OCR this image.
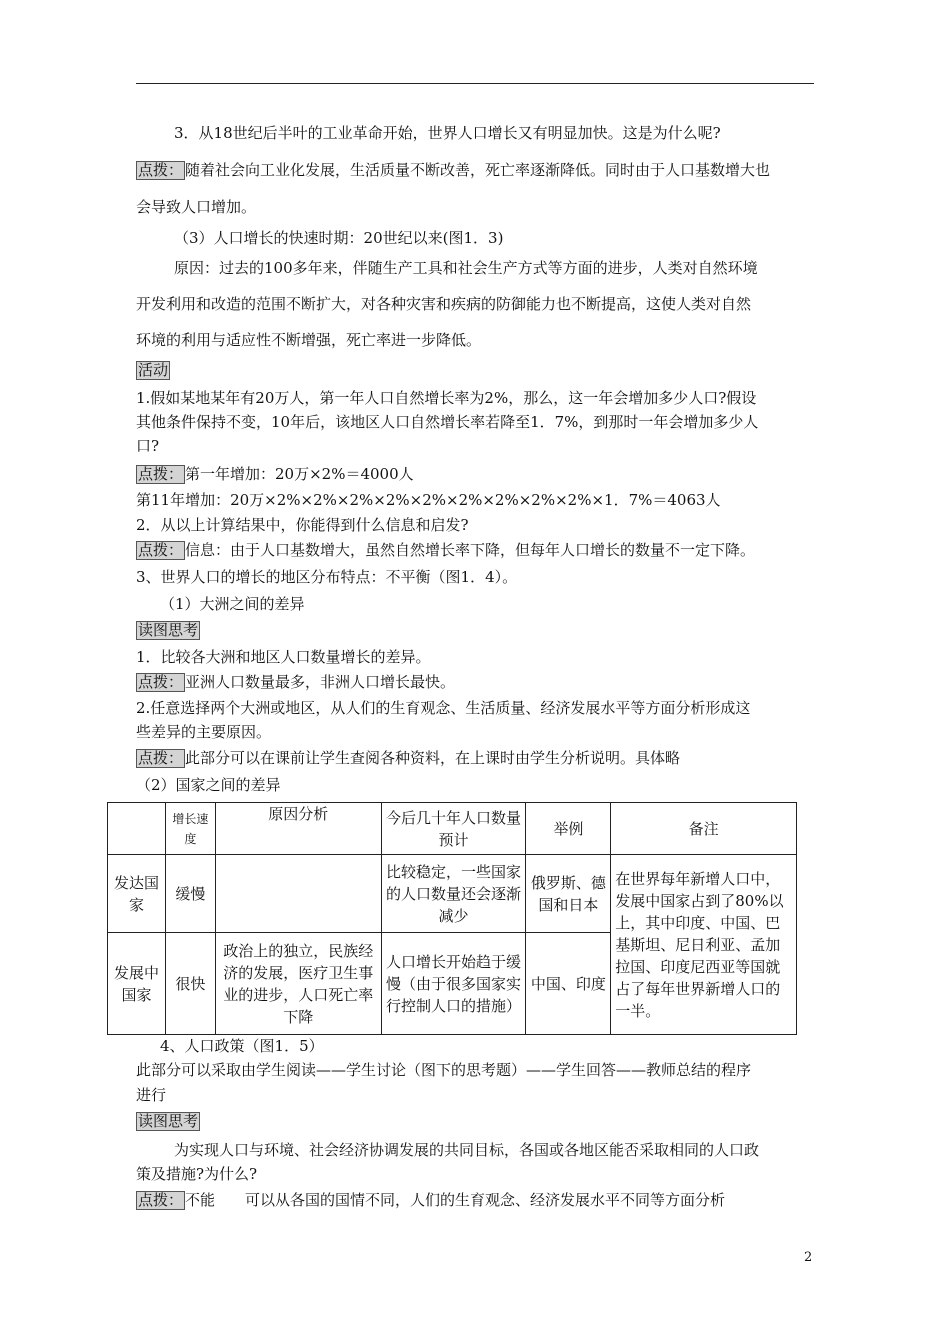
3．从18世纪后半叶的工业革命开始，世界人口增长又有明显加快。这是为什么呢?
点拨： 随着社会向工业化发展，生活质量不断改善，死亡率逐渐降低。同时由于人口基数增大也
会导致人口增加。
（3）人口增长的快速时期：20世纪以来(图1．3)
原因：过去的100多年来，伴随生产工具和社会生产方式等方面的进步，人类对自然环境
开发利用和改造的范围不断扩大，对各种灾害和疾病的防御能力也不断提高，这使人类对自然
环境的利用与适应性不断增强，死亡率进一步降低。
活动
1.假如某地某年有20万人，第一年人口自然增长率为2%，那么，这一年会增加多少人口?假设
其他条件保持不变，10年后，该地区人口自然增长率若降至1．7%，到那时一年会增加多少人
口?
点拨： 第一年增加：20万×2%＝4000人
第11年增加：20万×2%×2%×2%×2%×2%×2%×2%×2%×2%×1．7%＝4063人
2．从以上计算结果中，你能得到什么信息和启发?
点拨： 信息：由于人口基数增大，虽然自然增长率下降，但每年人口增长的数量不一定下降。
3、世界人口的增长的地区分布特点：不平衡（图1．4）。
（1）大洲之间的差异
读图思考
1．比较各大洲和地区人口数量增长的差异。
点拨： 亚洲人口数量最多，非洲人口增长最快。
2.任意选择两个大洲或地区，从人们的生育观念、生活质量、经济发展水平等方面分析形成这
些差异的主要原因。
点拨： 此部分可以在课前让学生查阅各种资料，在上课时由学生分析说明。具体略
（2）国家之间的差异
	增长速度	原因分析	今后几十年人口数量预计	举例	备注
发达国家	缓慢		比较稳定，一些国家的人口数量还会逐渐减少	俄罗斯、德国和日本	在世界每年新增人口中，发展中国家占到了80%以上，其中印度、中国、巴基斯坦、尼日利亚、孟加拉国、印度尼西亚等国就占了每年世界新增人口的一半。
发展中国家	很快	政治上的独立，民族经济的发展，医疗卫生事业的进步，人口死亡率下降	人口增长开始趋于缓慢（由于很多国家实行控制人口的措施）	中国、印度	
4、人口政策（图1．5）
此部分可以采取由学生阅读——学生讨论（图下的思考题）——学生回答——教师总结的程序
进行
读图思考
为实现人口与环境、社会经济协调发展的共同目标，各国或各地区能否采取相同的人口政
策及措施?为什么?
点拨： 不能　　可以从各国的国情不同，人们的生育观念、经济发展水平不同等方面分析
2
